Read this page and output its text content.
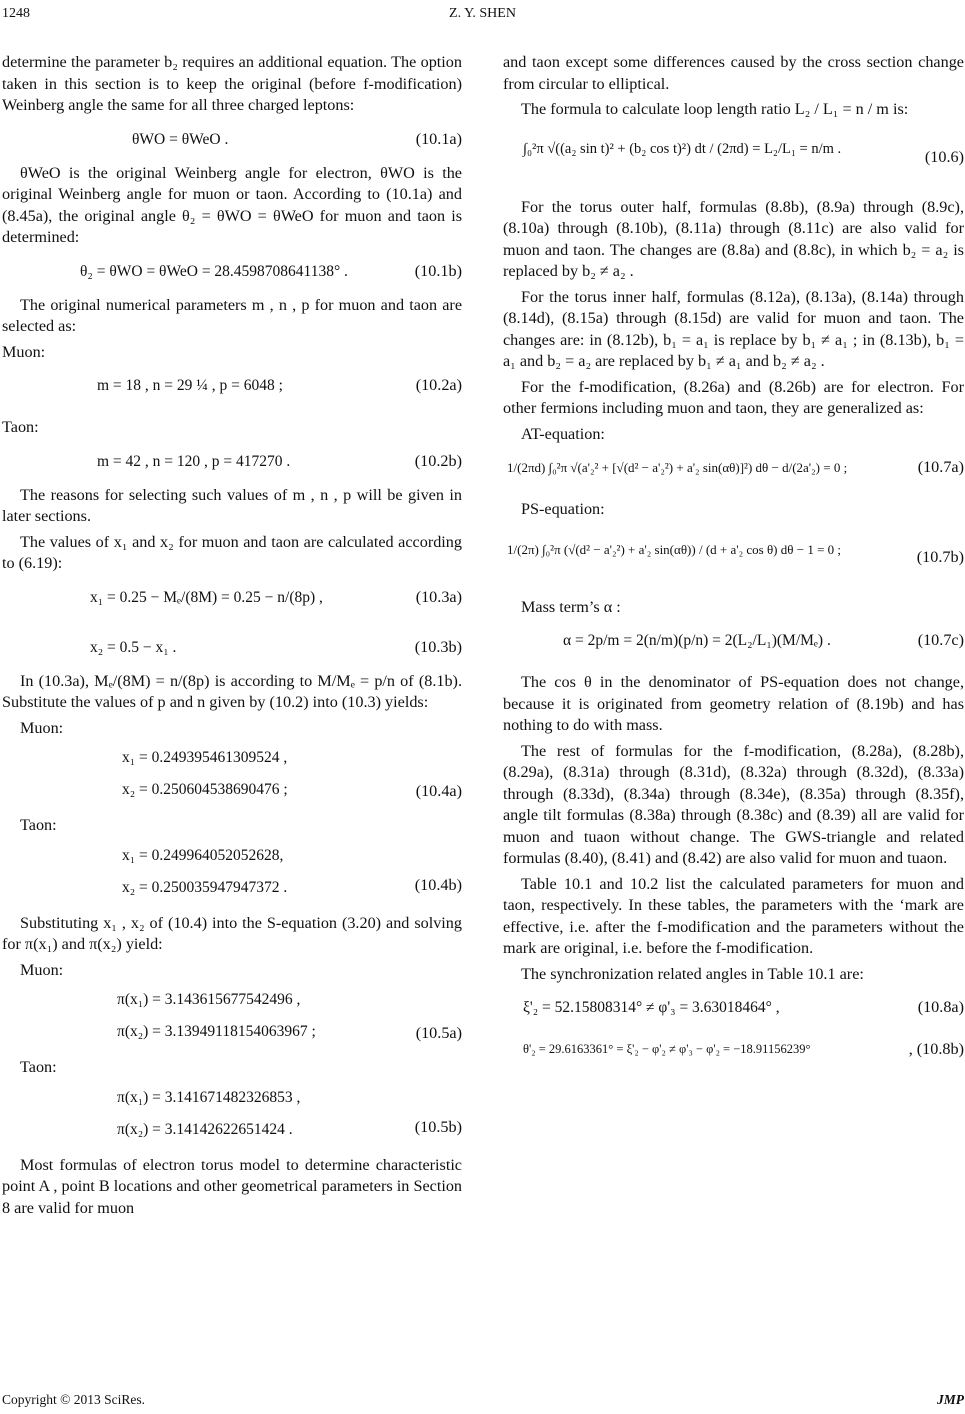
1248	Z. Y. SHEN

determine the parameter b₂ requires an additional equation. The option taken in this section is to keep the original (before f-modification) Weinberg angle the same for all three charged leptons:

θWO = θWeO .	(10.1a)

θWeO is the original Weinberg angle for electron, θWO is the original Weinberg angle for muon or taon. According to (10.1a) and (8.45a), the original angle θ₂ = θWO = θWeO for muon and taon is determined:

θ₂ = θWO = θWeO = 28.4598708641138° .	(10.1b)

The original numerical parameters m , n , p for muon and taon are selected as:

Muon:
m = 18 , n = 29 ¼ , p = 6048 ;	(10.2a)
Taon:
m = 42 , n = 120 , p = 417270 .	(10.2b)

The reasons for selecting such values of m , n , p will be given in later sections.

The values of x₁ and x₂ for muon and taon are calculated according to (6.19):

x₁ = 0.25 − Mₑ/(8M) = 0.25 − n/(8p) ,	(10.3a)
x₂ = 0.5 − x₁ .	(10.3b)

In (10.3a), Mₑ/(8M) = n/(8p) is according to M/Mₑ = p/n of (8.1b). Substitute the values of p and n given by (10.2) into (10.3) yields:

Muon:
x₁ = 0.249395461309524 ,
x₂ = 0.250604538690476 ;	(10.4a)
Taon:
x₁ = 0.249964052052628,
x₂ = 0.250035947947372 .	(10.4b)

Substituting x₁ , x₂ of (10.4) into the S-equation (3.20) and solving for π(x₁) and π(x₂) yield:

Muon:
π(x₁) = 3.143615677542496 ,
π(x₂) = 3.13949118154063967 ;	(10.5a)
Taon:
π(x₁) = 3.141671482326853 ,
π(x₂) = 3.14142622651424 .	(10.5b)

Most formulas of electron torus model to determine characteristic point A , point B locations and other geometrical parameters in Section 8 are valid for muon

and taon except some differences caused by the cross section change from circular to elliptical.

The formula to calculate loop length ratio L₂ / L₁ = n / m is:

∫₀²π √((a₂ sin t)² + (b₂ cos t)²) dt / (2πd) = L₂/L₁ = n/m .	(10.6)

For the torus outer half, formulas (8.8b), (8.9a) through (8.9c), (8.10a) through (8.10b), (8.11a) through (8.11c) are also valid for muon and taon. The changes are (8.8a) and (8.8c), in which b₂ = a₂ is replaced by b₂ ≠ a₂ .

For the torus inner half, formulas (8.12a), (8.13a), (8.14a) through (8.14d), (8.15a) through (8.15d) are valid for muon and taon. The changes are: in (8.12b), b₁ = a₁ is replace by b₁ ≠ a₁ ; in (8.13b), b₁ = a₁ and b₂ = a₂ are replaced by b₁ ≠ a₁ and b₂ ≠ a₂ .

For the f-modification, (8.26a) and (8.26b) are for electron. For other fermions including muon and taon, they are generalized as:

AT-equation:
1/(2πd) ∫₀²π √(a'₂² + [√(d² − a'₂²) + a'₂ sin(αθ)]²) dθ − d/(2a'₂) = 0 ;	(10.7a)
PS-equation:
1/(2π) ∫₀²π (√(d² − a'₂²) + a'₂ sin(αθ)) / (d + a'₂ cos θ) dθ − 1 = 0 ;	(10.7b)
Mass term’s α :
α = 2p/m = 2(n/m)(p/n) = 2(L₂/L₁)(M/Mₑ) .	(10.7c)

The cos θ in the denominator of PS-equation does not change, because it is originated from geometry relation of (8.19b) and has nothing to do with mass.

The rest of formulas for the f-modification, (8.28a), (8.28b), (8.29a), (8.31a) through (8.31d), (8.32a) through (8.32d), (8.33a) through (8.33d), (8.34a) through (8.34e), (8.35a) through (8.35f), angle tilt formulas (8.38a) through (8.38c) and (8.39) all are valid for muon and tuaon without change. The GWS-triangle and related formulas (8.40), (8.41) and (8.42) are also valid for muon and tuaon.

Table 10.1 and 10.2 list the calculated parameters for muon and taon, respectively. In these tables, the parameters with the ‘mark are effective, i.e. after the f-modification and the parameters without the mark are original, i.e. before the f-modification.

The synchronization related angles in Table 10.1 are:

ξ'₂ = 52.15808314° ≠ φ'₃ = 3.63018464° ,	(10.8a)
θ'₂ = 29.6163361° = ξ'₂ − φ'₂ ≠ φ'₃ − φ'₂ = −18.91156239°	, (10.8b)
Copyright © 2013 SciRes.	JMP
